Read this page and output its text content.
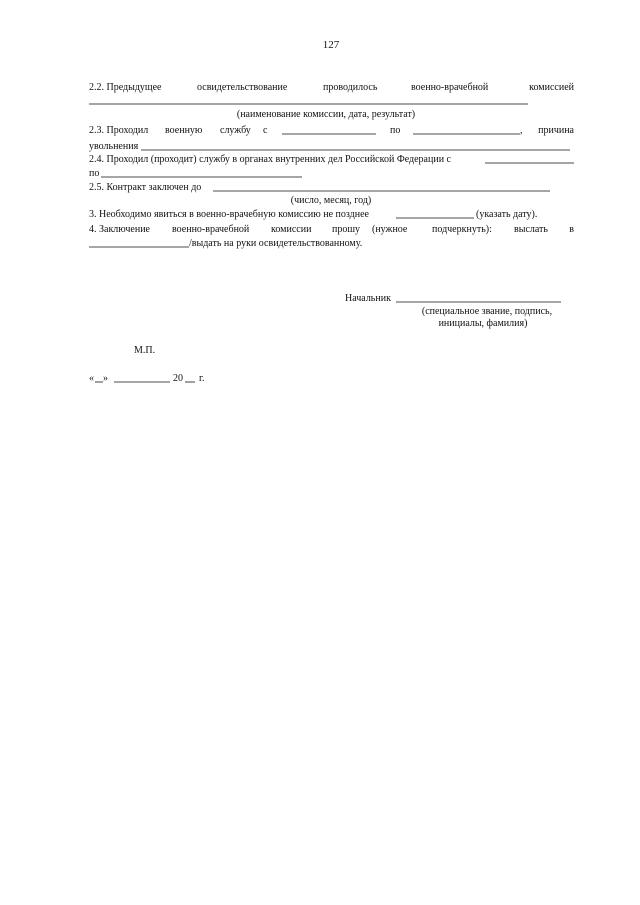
127
2.2. Предыдущее	освидетельствование	проводилось	военно-врачебной	комиссией
(наименование комиссии, дата, результат)
2.3. Проходил военную службу с	по	, причина
увольнения
2.4. Проходил (проходит) службу в органах внутренних дел Российской Федерации с
по
2.5. Контракт заключен до
(число, месяц, год)
3. Необходимо явиться в военно-врачебную комиссию не позднее	(указать дату).
4. Заключение военно-врачебной комиссии прошу (нужное подчеркнуть): выслать в
/выдать на руки освидетельствованному.
Начальник
(специальное звание, подпись,
инициалы, фамилия)
М.П.
« »	20 г.
